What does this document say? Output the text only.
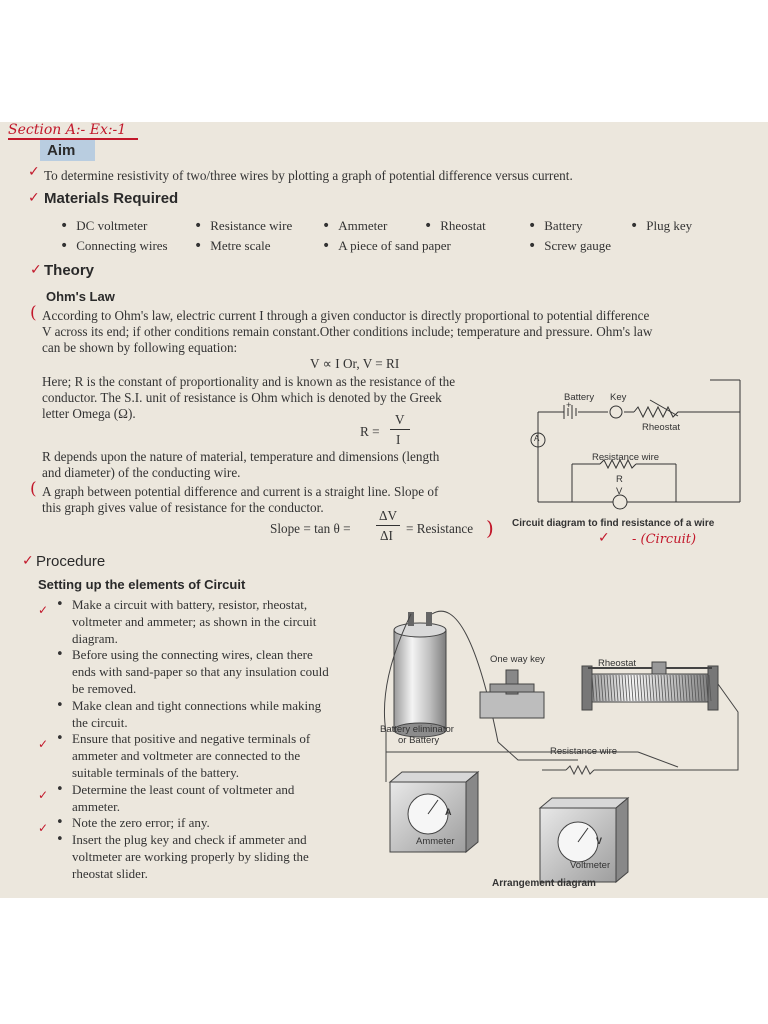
Section A:- Ex:-1
Aim
✓ To determine resistivity of two/three wires by plotting a graph of potential difference versus current.
✓ Materials Required
• DC voltmeter	• Resistance wire	• Ammeter	• Rheostat	• Battery	• Plug key
• Connecting wires	• Metre scale	• A piece of sand paper	• Screw gauge
✓ Theory
Ohm's Law
( According to Ohm's law, electric current I through a given conductor is directly proportional to potential difference
V across its end; if other conditions remain constant.Other conditions include; temperature and pressure. Ohm's law
can be shown by following equation:
V ∝ I Or, V = RI
Here; R is the constant of proportionality and is known as the resistance of the
conductor. The S.I. unit of resistance is Ohm which is denoted by the Greek
letter Omega (Ω).
R =
V
I
R depends upon the nature of material, temperature and dimensions (length
and diameter) of the conducting wire.
( A graph between potential difference and current is a straight line. Slope of
this graph gives value of resistance for the conductor.
Slope = tan θ =
ΔV
ΔI = Resistance )
Battery Key
Rheostat
A
Resistance wire
R
V
+
Circuit diagram to find resistance of a wire
- (Circuit)
✓
✓ Procedure
Setting up the elements of Circuit
•
✓ Make a circuit with battery, resistor, rheostat,
voltmeter and ammeter; as shown in the circuit
diagram.
• Before using the connecting wires, clean there
ends with sand-paper so that any insulation could
be removed.
• Make clean and tight connections while making
the circuit.
•
✓ Ensure that positive and negative terminals of
ammeter and voltmeter are connected to the
suitable terminals of the battery.
•
✓ Determine the least count of voltmeter and
ammeter.
•
✓ Note the zero error; if any.
• Insert the plug key and check if ammeter and
voltmeter are working properly by sliding the
rheostat slider.
Battery eliminator
or Battery
One way key	Rheostat
Resistance wire
A
Ammeter	V
Voltmeter
Arrangement diagram
